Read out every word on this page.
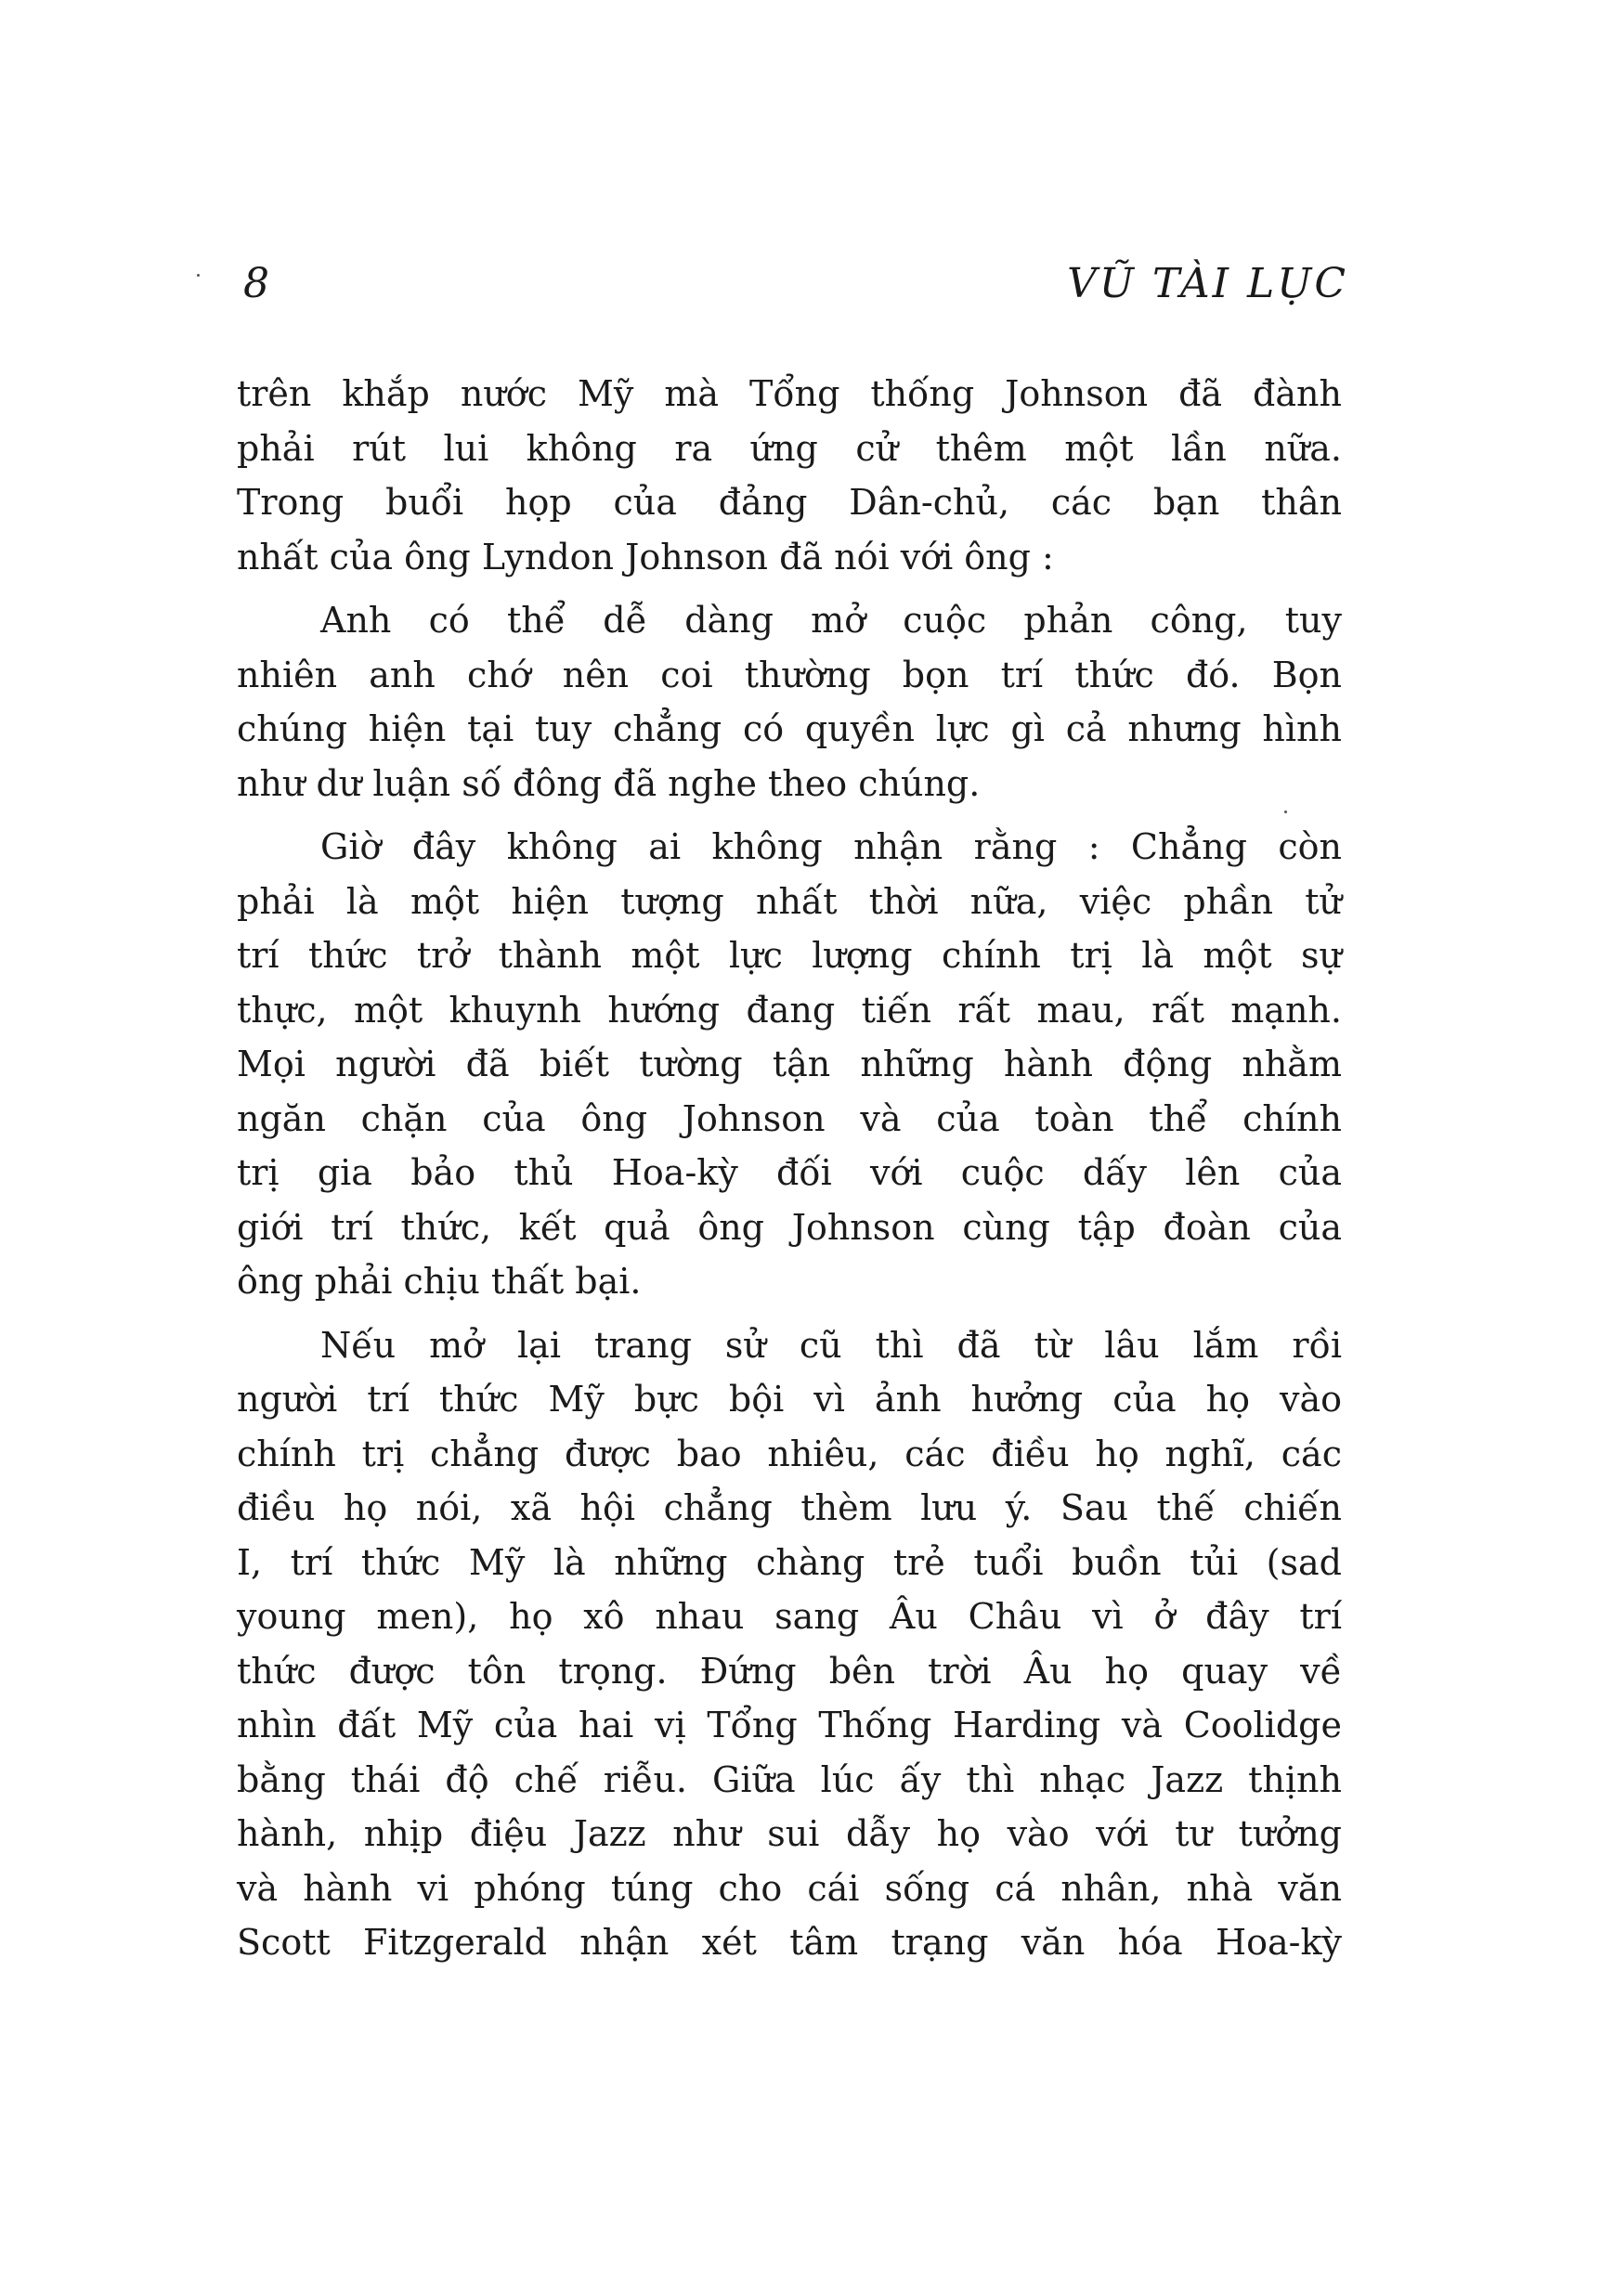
8	VŨ TÀI LỤC

trên khắp nước Mỹ mà Tổng thống Johnson đã đành
phải rút lui không ra ứng cử thêm một lần nữa.
Trong buổi họp của đảng Dân-chủ, các bạn thân
nhất của ông Lyndon Johnson đã nói với ông :

Anh có thể dễ dàng mở cuộc phản công, tuy
nhiên anh chớ nên coi thường bọn trí thức đó. Bọn
chúng hiện tại tuy chẳng có quyền lực gì cả nhưng hình
như dư luận số đông đã nghe theo chúng.

Giờ đây không ai không nhận rằng : Chẳng còn
phải là một hiện tượng nhất thời nữa, việc phần tử
trí thức trở thành một lực lượng chính trị là một sự
thực, một khuynh hướng đang tiến rất mau, rất mạnh.
Mọi người đã biết tường tận những hành động nhằm
ngăn chặn của ông Johnson và của toàn thể chính
trị gia bảo thủ Hoa-kỳ đối với cuộc dấy lên của
giới trí thức, kết quả ông Johnson cùng tập đoàn của
ông phải chịu thất bại.

Nếu mở lại trang sử cũ thì đã từ lâu lắm rồi
người trí thức Mỹ bực bội vì ảnh hưởng của họ vào
chính trị chẳng được bao nhiêu, các điều họ nghĩ, các
điều họ nói, xã hội chẳng thèm lưu ý. Sau thế chiến
I, trí thức Mỹ là những chàng trẻ tuổi buồn tủi (sad
young men), họ xô nhau sang Âu Châu vì ở đây trí
thức được tôn trọng. Đứng bên trời Âu họ quay về
nhìn đất Mỹ của hai vị Tổng Thống Harding và Coolidge
bằng thái độ chế riễu. Giữa lúc ấy thì nhạc Jazz thịnh
hành, nhịp điệu Jazz như sui dẫy họ vào với tư tưởng
và hành vi phóng túng cho cái sống cá nhân, nhà văn
Scott Fitzgerald nhận xét tâm trạng văn hóa Hoa-kỳ
